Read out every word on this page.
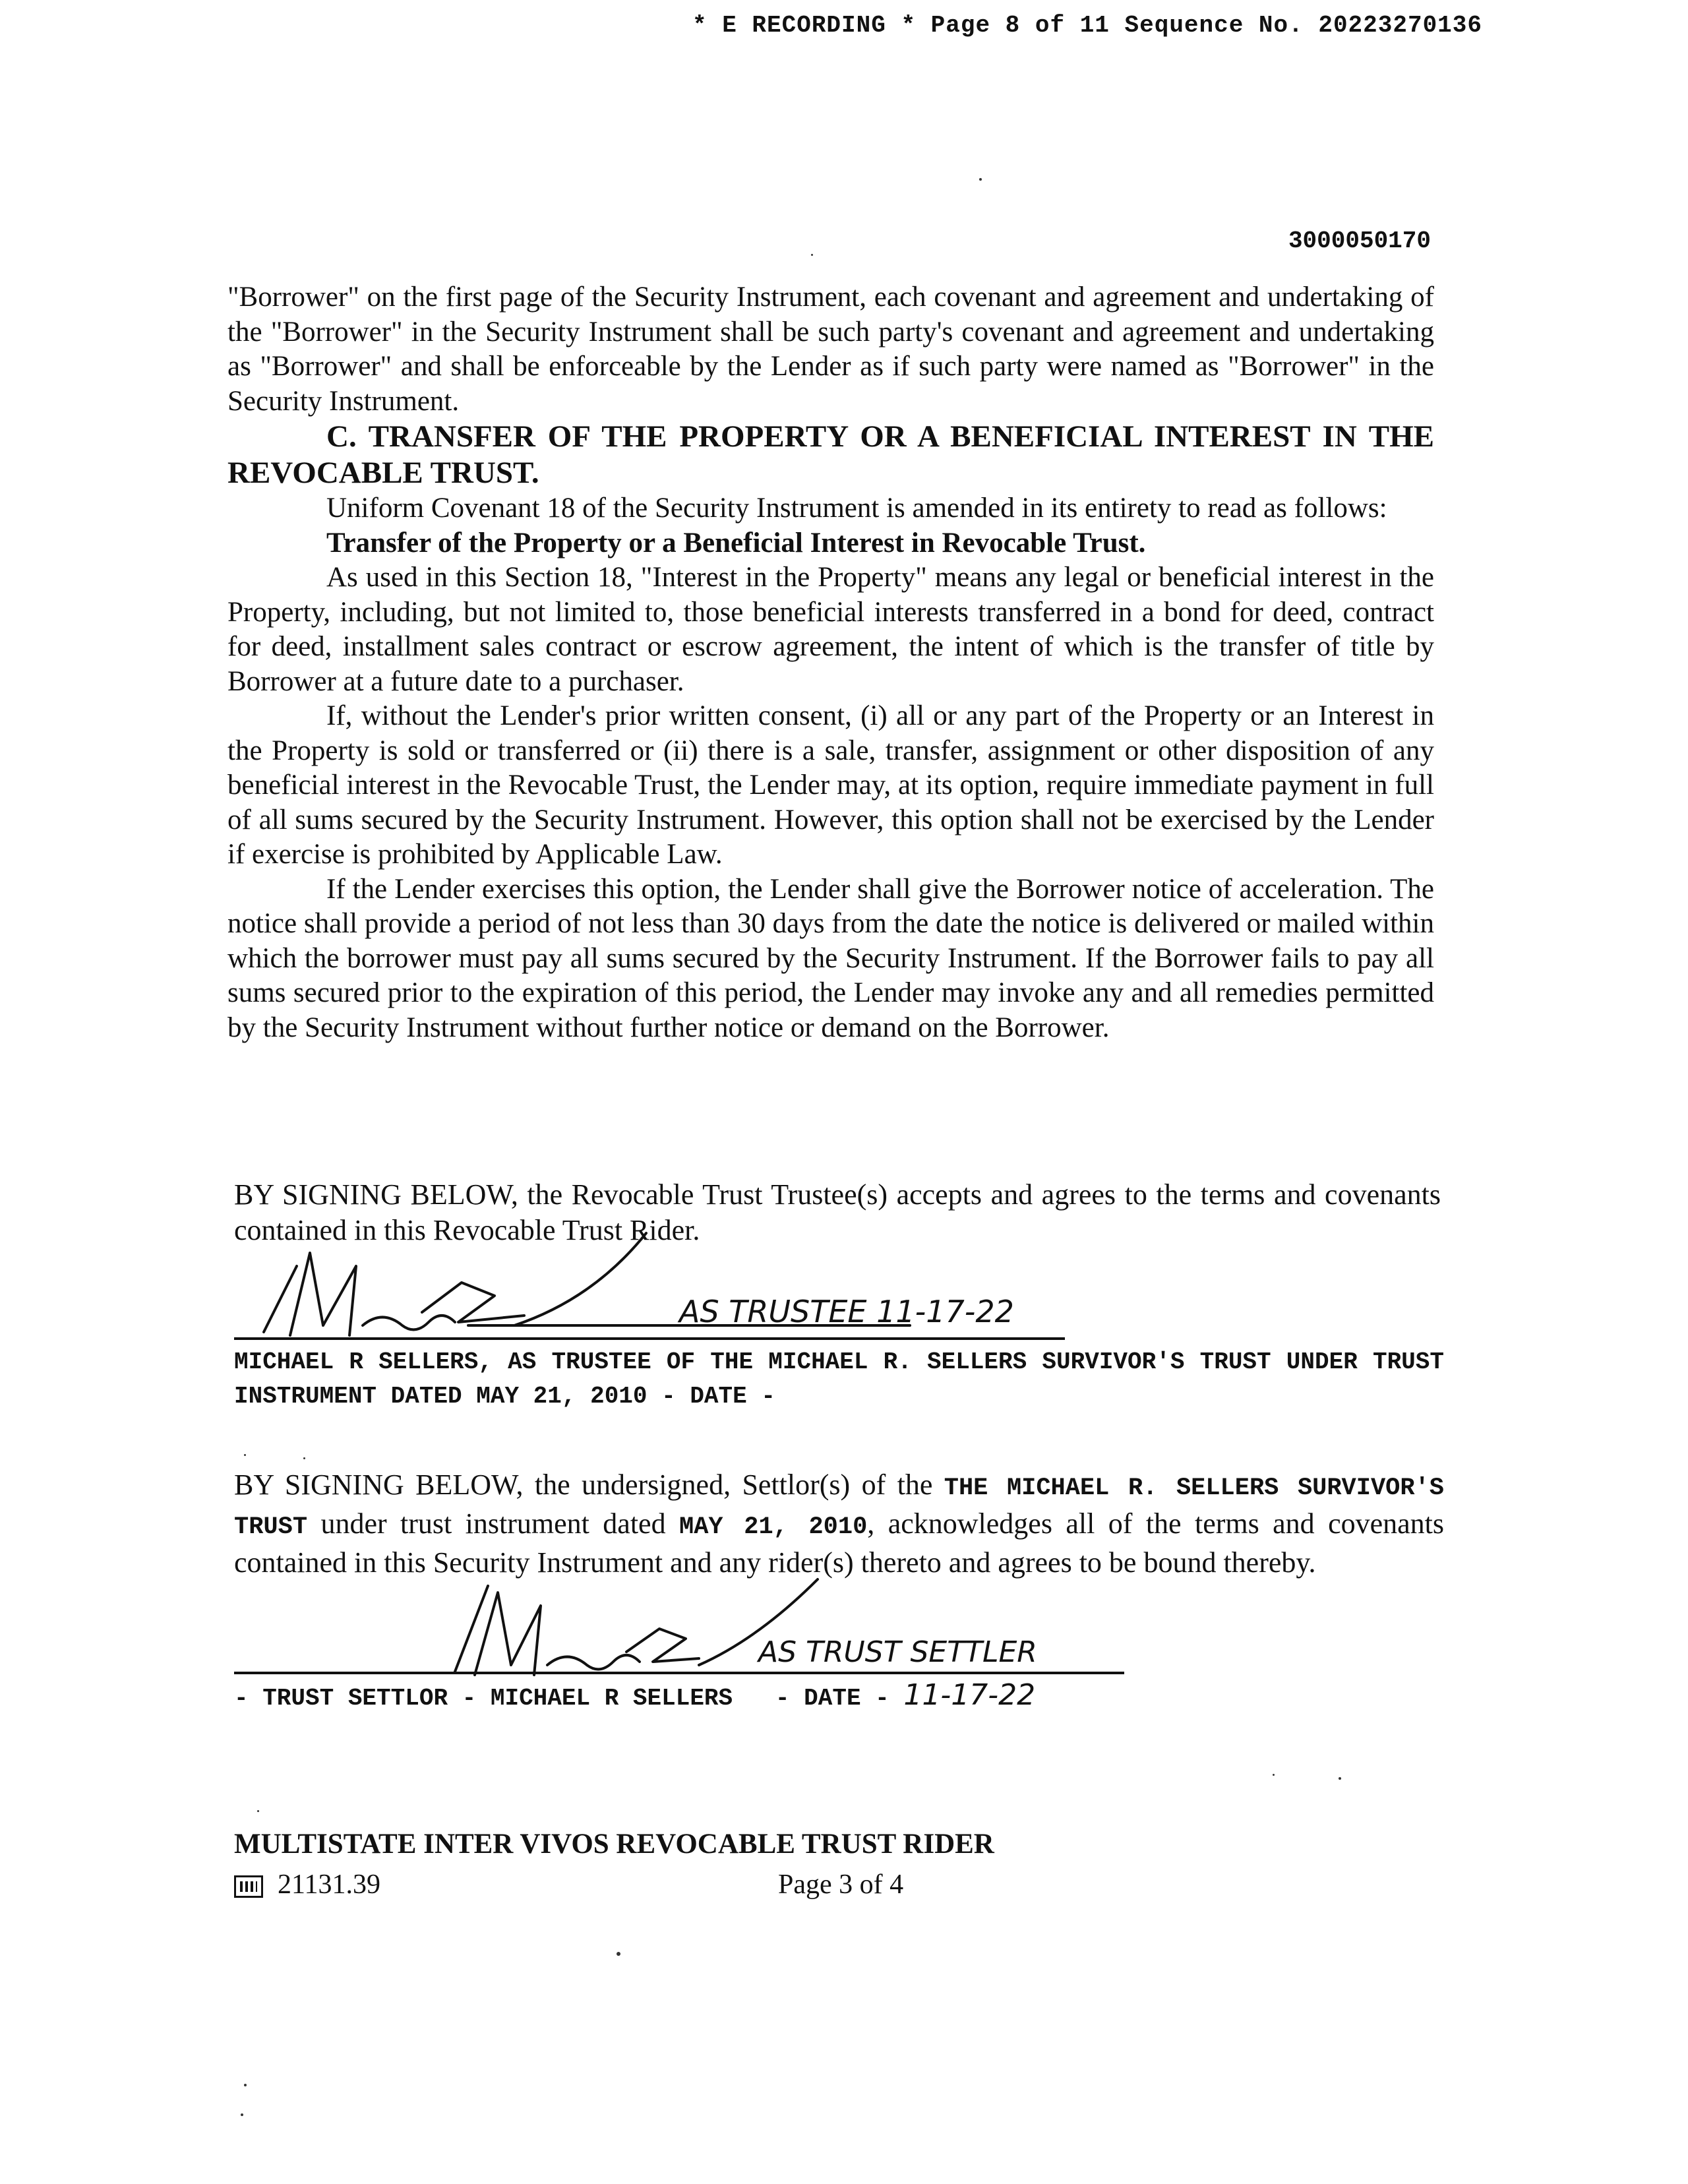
* E RECORDING * Page 8 of 11 Sequence No. 20223270136
3000050170

"Borrower" on the first page of the Security Instrument, each covenant and agreement and undertaking of the "Borrower" in the Security Instrument shall be such party's covenant and agreement and undertaking as "Borrower" and shall be enforceable by the Lender as if such party were named as "Borrower" in the Security Instrument.

C. TRANSFER OF THE PROPERTY OR A BENEFICIAL INTEREST IN THE REVOCABLE TRUST.

Uniform Covenant 18 of the Security Instrument is amended in its entirety to read as follows:

Transfer of the Property or a Beneficial Interest in Revocable Trust.

As used in this Section 18, "Interest in the Property" means any legal or beneficial interest in the Property, including, but not limited to, those beneficial interests transferred in a bond for deed, contract for deed, installment sales contract or escrow agreement, the intent of which is the transfer of title by Borrower at a future date to a purchaser.

If, without the Lender's prior written consent, (i) all or any part of the Property or an Interest in the Property is sold or transferred or (ii) there is a sale, transfer, assignment or other disposition of any beneficial interest in the Revocable Trust, the Lender may, at its option, require immediate payment in full of all sums secured by the Security Instrument. However, this option shall not be exercised by the Lender if exercise is prohibited by Applicable Law.

If the Lender exercises this option, the Lender shall give the Borrower notice of acceleration. The notice shall provide a period of not less than 30 days from the date the notice is delivered or mailed within which the borrower must pay all sums secured by the Security Instrument. If the Borrower fails to pay all sums secured prior to the expiration of this period, the Lender may invoke any and all remedies permitted by the Security Instrument without further notice or demand on the Borrower.

BY SIGNING BELOW, the Revocable Trust Trustee(s) accepts and agrees to the terms and covenants contained in this Revocable Trust Rider.

AS TRUSTEE 11-17-22
MICHAEL R SELLERS, AS TRUSTEE OF THE MICHAEL R. SELLERS SURVIVOR'S TRUST UNDER TRUST INSTRUMENT DATED MAY 21, 2010 - DATE -

BY SIGNING BELOW, the undersigned, Settlor(s) of the THE MICHAEL R. SELLERS SURVIVOR'S TRUST under trust instrument dated MAY 21, 2010, acknowledges all of the terms and covenants contained in this Security Instrument and any rider(s) thereto and agrees to be bound thereby.

AS TRUST SETTLER
- TRUST SETTLOR - MICHAEL R SELLERS   - DATE - 11-17-22
MULTISTATE INTER VIVOS REVOCABLE TRUST RIDER
21131.39	Page 3 of 4
